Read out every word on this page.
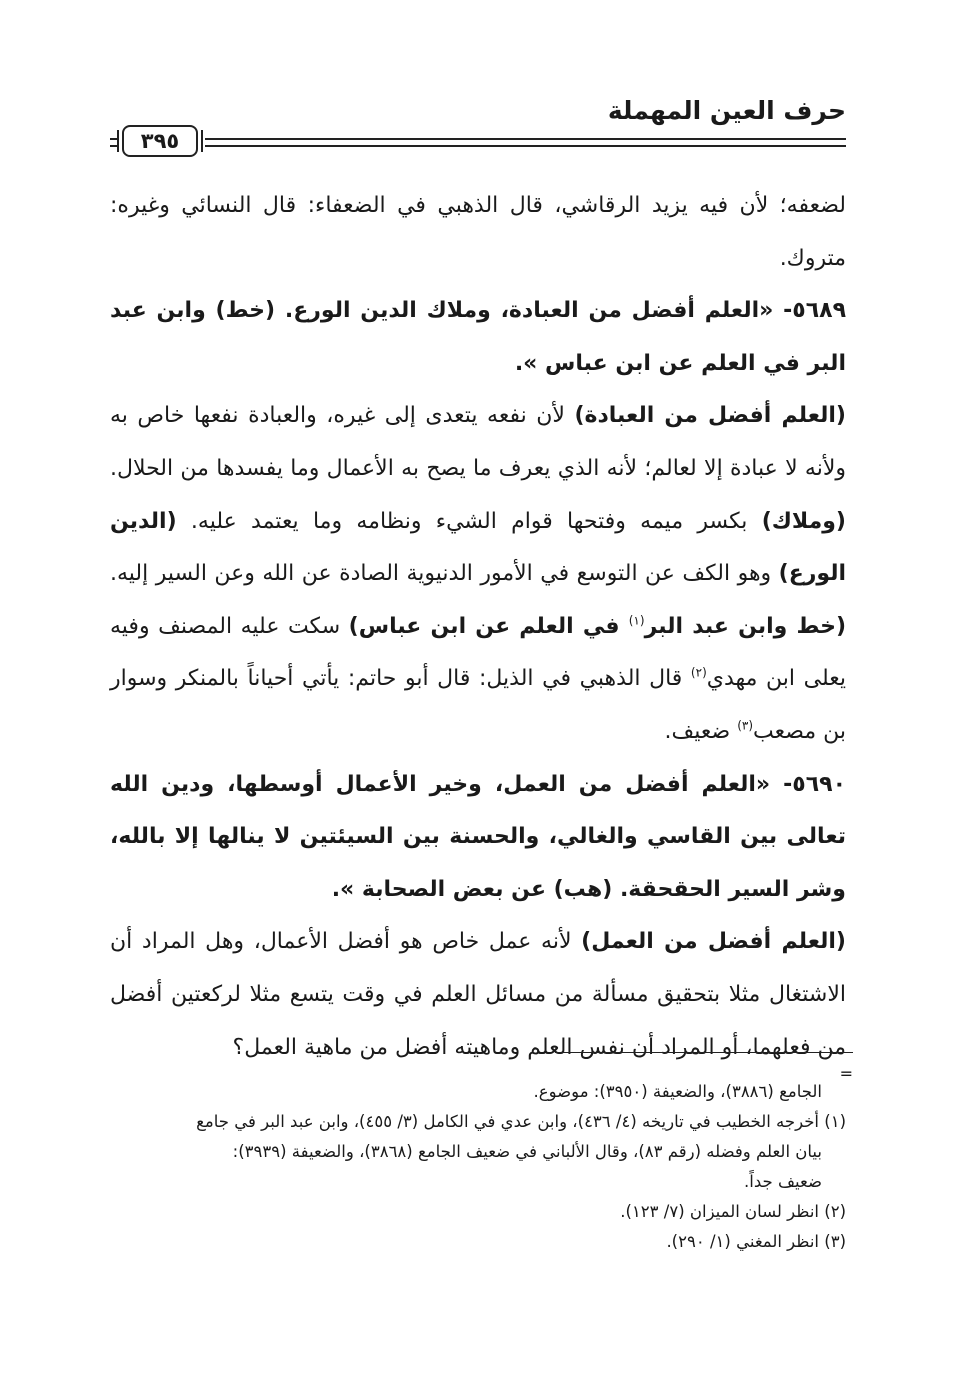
حرف العين المهملة
٣٩٥

لضعفه؛ لأن فيه يزيد الرقاشي، قال الذهبي في الضعفاء: قال النسائي وغيره: متروك.

٥٦٨٩- «العلم أفضل من العبادة، وملاك الدين الورع. (خط) وابن عبد البر في العلم عن ابن عباس ».

(العلم أفضل من العبادة) لأن نفعه يتعدى إلى غيره، والعبادة نفعها خاص به ولأنه لا عبادة إلا لعالم؛ لأنه الذي يعرف ما يصح به الأعمال وما يفسدها من الحلال. (وملاك) بكسر ميمه وفتحها قوام الشيء ونظامه وما يعتمد عليه. (الدين الورع) وهو الكف عن التوسع في الأمور الدنيوية الصادة عن الله وعن السير إليه. (خط وابن عبد البر$^{(١)}$ في العلم عن ابن عباس) سكت عليه المصنف وفيه يعلى ابن مهدي$^{(٢)}$ قال الذهبي في الذيل: قال أبو حاتم: يأتي أحياناً بالمنكر وسوار بن مصعب$^{(٣)}$ ضعيف.

٥٦٩٠- «العلم أفضل من العمل، وخير الأعمال أوسطها، ودين الله تعالى بين القاسي والغالي، والحسنة بين السيئتين لا ينالها إلا بالله، وشر السير الحقحقة. (هب) عن بعض الصحابة ».

(العلم أفضل من العمل) لأنه عمل خاص هو أفضل الأعمال، وهل المراد أن الاشتغال مثلا بتحقيق مسألة من مسائل العلم في وقت يتسع مثلا لركعتين أفضل من فعلهما، أو المراد أن نفس العلم وماهيته أفضل من ماهية العمل؟

=

الجامع (٣٨٨٦)، والضعيفة (٣٩٥٠): موضوع.

(١) أخرجه الخطيب في تاريخه (٤/ ٤٣٦)، وابن عدي في الكامل (٣/ ٤٥٥)، وابن عبد البر في جامع

بيان العلم وفضله (رقم ٨٣)، وقال الألباني في ضعيف الجامع (٣٨٦٨)، والضعيفة (٣٩٣٩):

ضعيف جداً.

(٢) انظر لسان الميزان (٧/ ١٢٣).

(٣) انظر المغني (١/ ٢٩٠).
